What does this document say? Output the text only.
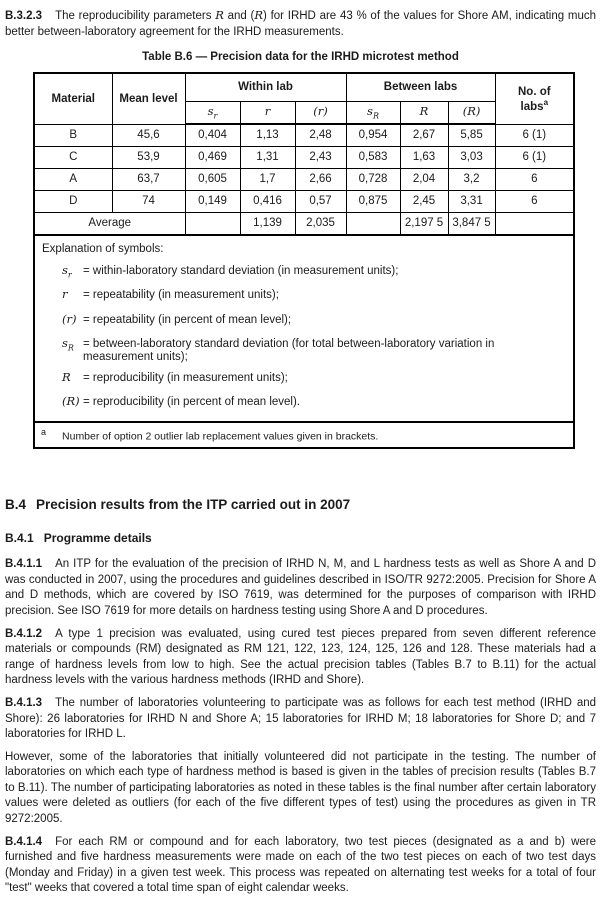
B.3.2.3 The reproducibility parameters R and (R) for IRHD are 43 % of the values for Shore AM, indicating much better between-laboratory agreement for the IRHD measurements.

Table B.6 — Precision data for the IRHD microtest method
Material	Mean level	Within lab			Between labs			No. of
labs$^a$
		$s_r$	r	(r)	$s_R$	R	(R)	
B	45,6	0,404	1,13	2,48	0,954	2,67	5,85	6 (1)
C	53,9	0,469	1,31	2,43	0,583	1,63	3,03	6 (1)
A	63,7	0,605	1,7	2,66	0,728	2,04	3,2	6
D	74	0,149	0,416	0,57	0,875	2,45	3,31	6
Average			1,139	2,035		2,197 5	3,847 5	

Explanation of symbols:
$s_r$ = within-laboratory standard deviation (in measurement units);
r	= repeatability (in measurement units);
(r) = repeatability (in percent of mean level);
$s_R$ = between-laboratory standard deviation (for total between-laboratory variation in measurement units);
R	= reproducibility (in measurement units);
(R) = reproducibility (in percent of mean level).

$^a$ Number of option 2 outlier lab replacement values given in brackets.								
B.4 Precision results from the ITP carried out in 2007
B.4.1 Programme details

B.4.1.1 An ITP for the evaluation of the precision of IRHD N, M, and L hardness tests as well as Shore A and D was conducted in 2007, using the procedures and guidelines described in ISO/TR 9272:2005. Precision for Shore A and D methods, which are covered by ISO 7619, was determined for the purposes of comparison with IRHD precision. See ISO 7619 for more details on hardness testing using Shore A and D procedures.

B.4.1.2 A type 1 precision was evaluated, using cured test pieces prepared from seven different reference materials or compounds (RM) designated as RM 121, 122, 123, 124, 125, 126 and 128. These materials had a range of hardness levels from low to high. See the actual precision tables (Tables B.7 to B.11) for the actual hardness levels with the various hardness methods (IRHD and Shore).

B.4.1.3 The number of laboratories volunteering to participate was as follows for each test method (IRHD and Shore): 26 laboratories for IRHD N and Shore A; 15 laboratories for IRHD M; 18 laboratories for Shore D; and 7 laboratories for IRHD L.

However, some of the laboratories that initially volunteered did not participate in the testing. The number of laboratories on which each type of hardness method is based is given in the tables of precision results (Tables B.7 to B.11). The number of participating laboratories as noted in these tables is the final number after certain laboratory values were deleted as outliers (for each of the five different types of test) using the procedures as given in TR 9272:2005.

B.4.1.4 For each RM or compound and for each laboratory, two test pieces (designated as a and b) were furnished and five hardness measurements were made on each of the two test pieces on each of two test days (Monday and Friday) in a given test week. This process was repeated on alternating test weeks for a total of four "test" weeks that covered a total time span of eight calendar weeks.
